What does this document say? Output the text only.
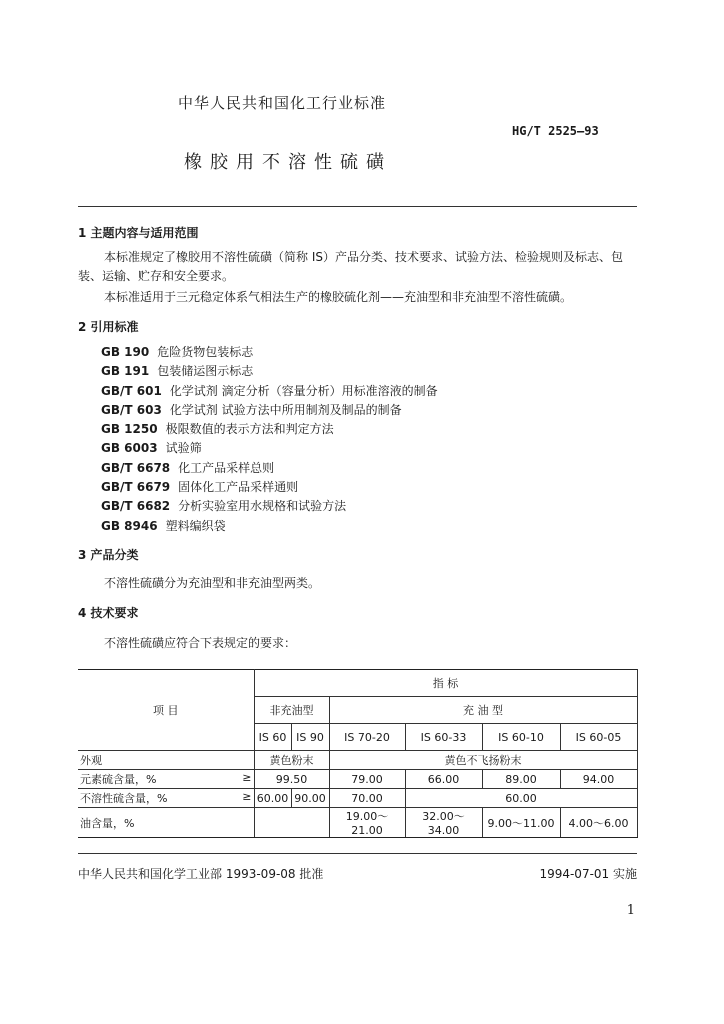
中华人民共和国化工行业标准
HG/T 2525—93
橡胶用不溶性硫磺
1 主题内容与适用范围
本标准规定了橡胶用不溶性硫磺（简称 IS）产品分类、技术要求、试验方法、检验规则及标志、包装、运输、贮存和安全要求。
本标准适用于三元稳定体系气相法生产的橡胶硫化剂——充油型和非充油型不溶性硫磺。
2 引用标准
GB 190 危险货物包装标志
GB 191 包装储运图示标志
GB/T 601 化学试剂 滴定分析（容量分析）用标准溶液的制备
GB/T 603 化学试剂 试验方法中所用制剂及制品的制备
GB 1250 极限数值的表示方法和判定方法
GB 6003 试验筛
GB/T 6678 化工产品采样总则
GB/T 6679 固体化工产品采样通则
GB/T 6682 分析实验室用水规格和试验方法
GB 8946 塑料编织袋
3 产品分类
不溶性硫磺分为充油型和非充油型两类。
4 技术要求
不溶性硫磺应符合下表规定的要求：
项 目	指 标					
	非充油型		充 油 型			
	IS 60	IS 90	IS 70-20	IS 60-33	IS 60-10	IS 60-05
外观	黄色粉末		黄色不飞扬粉末			
元素硫含量，% ≥	99.50		79.00	66.00	89.00	94.00
不溶性硫含量，% ≥	60.00	90.00	70.00	60.00		
油含量，%			19.00～21.00	32.00～34.00	9.00～11.00	4.00～6.00
中华人民共和国化学工业部 1993-09-08 批准	1994-07-01 实施
1
